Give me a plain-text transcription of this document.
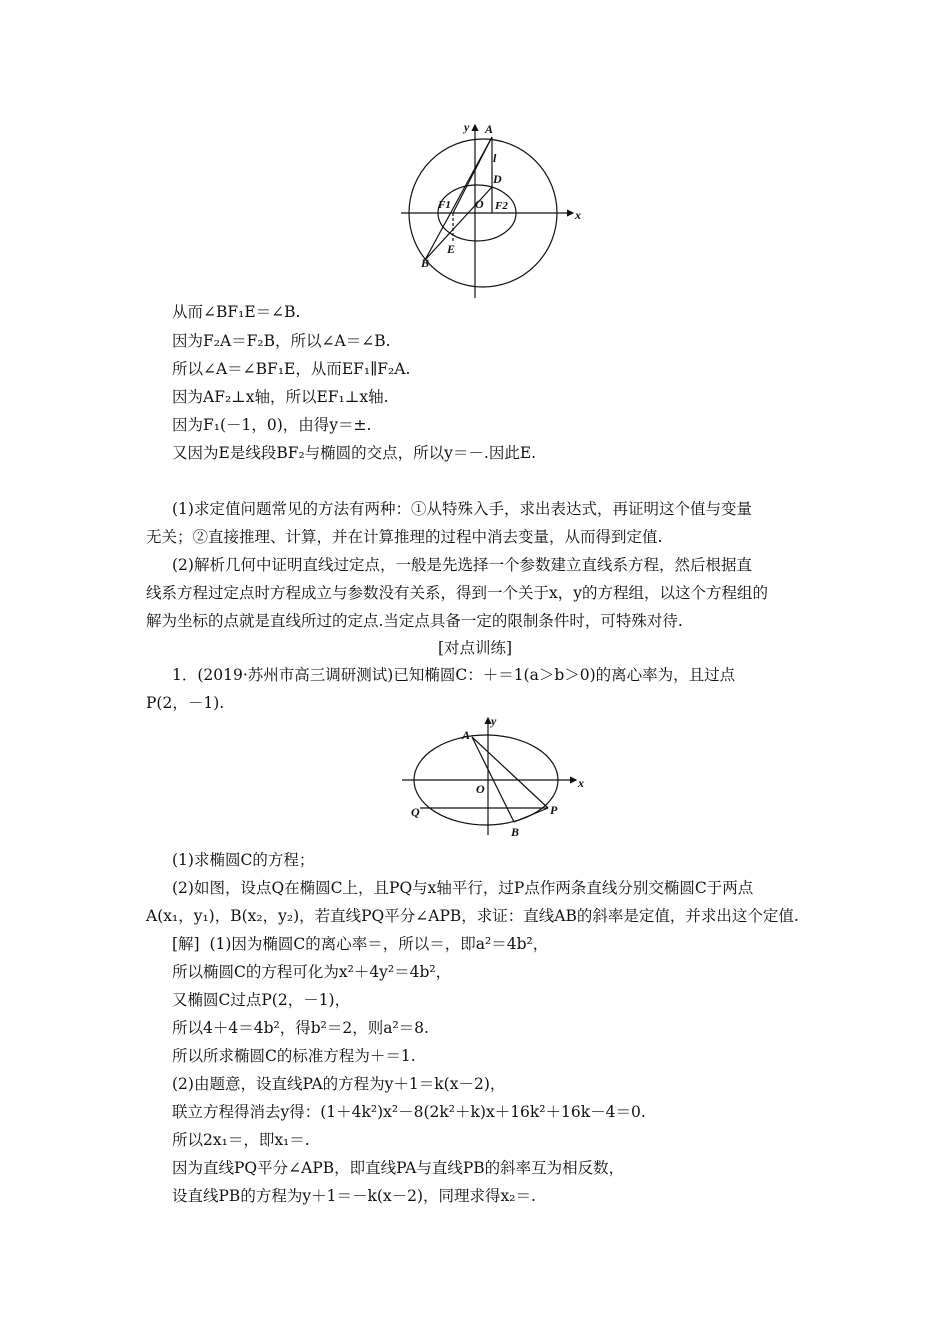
y
x
A
l
D
F1 O F2
E
B
从而∠BF₁E＝∠B.
因为F₂A＝F₂B，所以∠A＝∠B.
所以∠A＝∠BF₁E，从而EF₁∥F₂A.
因为AF₂⊥x轴，所以EF₁⊥x轴.
因为F₁(－1，0)，由得y＝±.
又因为E是线段BF₂与椭圆的交点，所以y＝－.因此E.
(1)求定值问题常见的方法有两种：①从特殊入手，求出表达式，再证明这个值与变量
无关；②直接推理、计算，并在计算推理的过程中消去变量，从而得到定值.
(2)解析几何中证明直线过定点，一般是先选择一个参数建立直线系方程，然后根据直
线系方程过定点时方程成立与参数没有关系，得到一个关于x，y的方程组，以这个方程组的
解为坐标的点就是直线所过的定点.当定点具备一定的限制条件时，可特殊对待.
[对点训练]
1．(2019·苏州市高三调研测试)已知椭圆C：＋＝1(a＞b＞0)的离心率为，且过点
P(2，－1).
y
x
A
O
Q	P
B
(1)求椭圆C的方程；
(2)如图，设点Q在椭圆C上，且PQ与x轴平行，过P点作两条直线分别交椭圆C于两点
A(x₁，y₁)，B(x₂，y₂)，若直线PQ平分∠APB，求证：直线AB的斜率是定值，并求出这个定值.
[解]  (1)因为椭圆C的离心率＝，所以＝，即a²＝4b²，
所以椭圆C的方程可化为x²＋4y²＝4b²，
又椭圆C过点P(2，－1)，
所以4＋4＝4b²，得b²＝2，则a²＝8.
所以所求椭圆C的标准方程为＋＝1.
(2)由题意，设直线PA的方程为y＋1＝k(x－2)，
联立方程得消去y得：(1＋4k²)x²－8(2k²＋k)x＋16k²＋16k－4＝0.
所以2x₁＝，即x₁＝.
因为直线PQ平分∠APB，即直线PA与直线PB的斜率互为相反数，
设直线PB的方程为y＋1＝－k(x－2)，同理求得x₂＝.
